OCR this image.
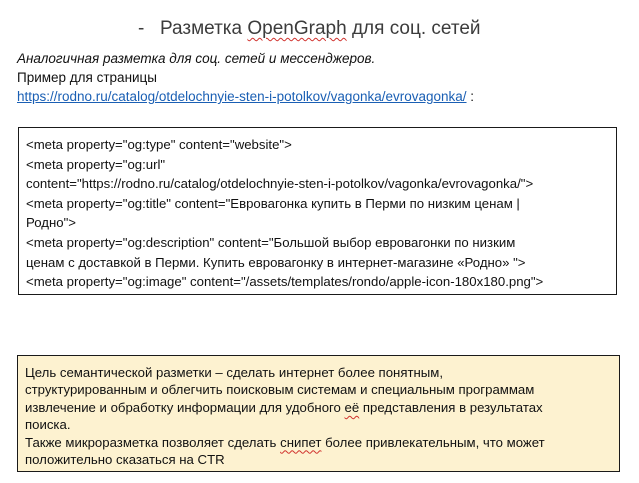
- Разметка OpenGraph для соц. сетей
Аналогичная разметка для соц. сетей и мессенджеров.
Пример для страницы
https://rodno.ru/catalog/otdelochnyie-sten-i-potolkov/vagonka/evrovagonka/ :
<meta property="og:type" content="website">
<meta property="og:url"
content="https://rodno.ru/catalog/otdelochnyie-sten-i-potolkov/vagonka/evrovagonka/">
<meta property="og:title" content="Евровагонка купить в Перми по низким ценам |
Родно">
<meta property="og:description" content="Большой выбор евровагонки по низким
ценам с доставкой в Перми. Купить евровагонку в интернет-магазине «Родно» ">
<meta property="og:image" content="/assets/templates/rondo/apple-icon-180x180.png">
Цель семантической разметки – сделать интернет более понятным,
структурированным и облегчить поисковым системам и специальным программам
извлечение и обработку информации для удобного её представления в результатах
поиска.
Также микроразметка позволяет сделать снипет более привлекательным, что может
положительно сказаться на CTR
